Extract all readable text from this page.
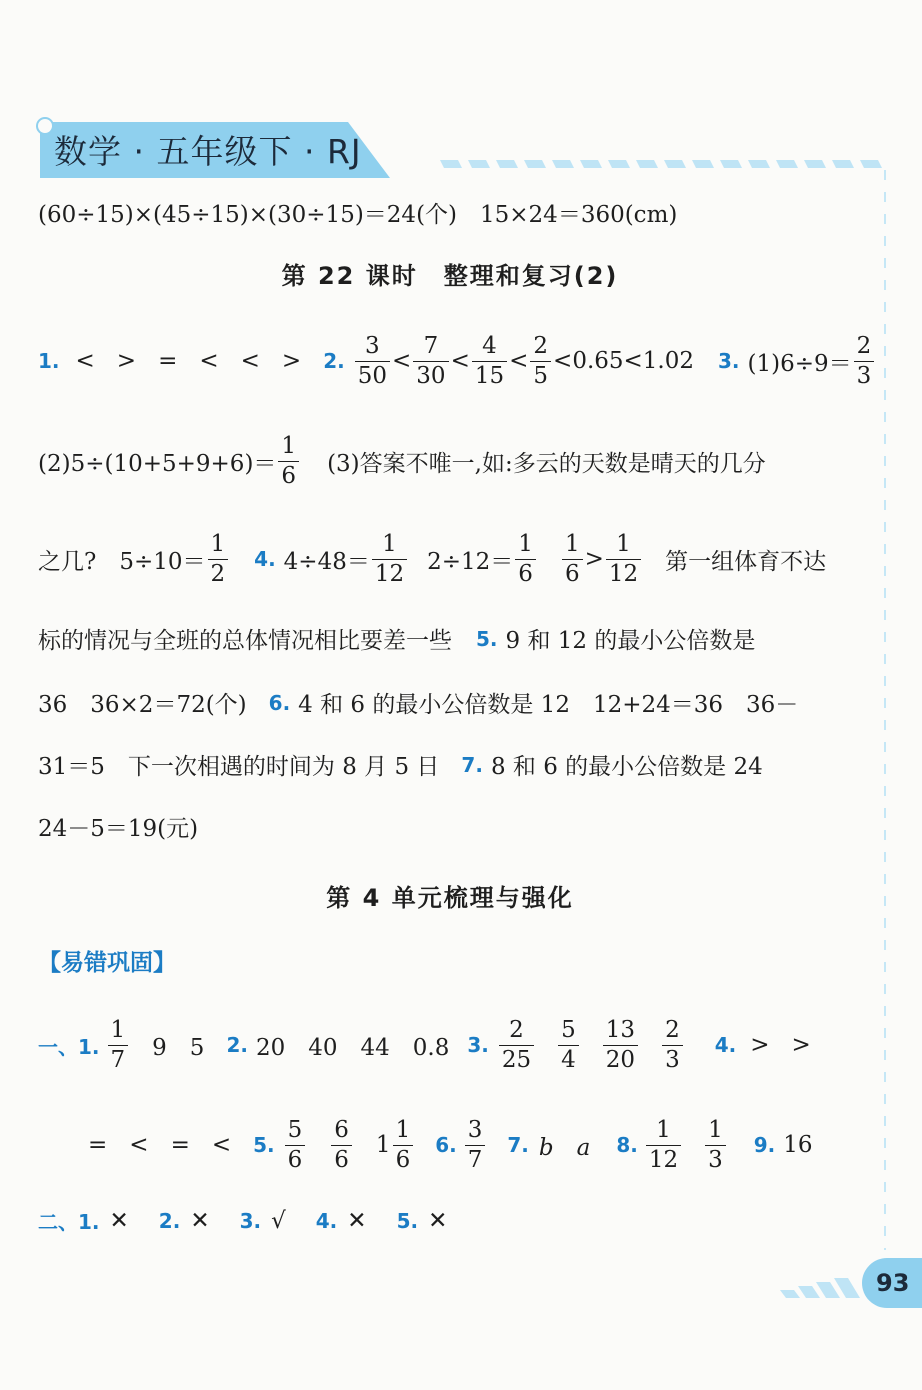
数学 · 五年级下 · RJ
93
(60÷15)×(45÷15)×(30÷15)＝24(个)　15×24＝360(cm)
第 22 课时　整理和复习(2)
1. < > = < < > 2. $\frac{3}{50} < \frac{7}{30} < \frac{4}{15} < \frac{2}{5} <0.65<1.02$ 3. $(1)6\div 9= \frac{2}{3}$
$(2)5\div(10+5+9+6)= \frac{1}{6} (3)$答案不唯一,如:多云的天数是晴天的几分
之几?　$5\div 10= \frac{1}{2} 4$. $4\div 48= \frac{1}{12} 2\div 12= \frac{1}{6} \frac{1}{6} > \frac{1}{12}$ 第一组体育不达
标的情况与全班的总体情况相比要差一些 5. 9 和 12 的最小公倍数是
36　36×2＝72(个) 6. 4 和 6 的最小公倍数是 12　12+24＝36　36－
31＝5　下一次相遇的时间为 8 月 5 日 7. 8 和 6 的最小公倍数是 24
24－5＝19(元)
第 4 单元梳理与强化
【易错巩固】
一、1. $\frac{1}{7} 9$　5 2. 20　40　44　0.8 3. $\frac{2}{25} \frac{5}{4} \frac{13}{20} \frac{2}{3} 4$. > >
= < = < 5. $\frac{5}{6} \frac{6}{6} 1 \frac{1}{6} 6$. $\frac{3}{7} 7$. b　a 8. $\frac{1}{12} \frac{1}{3} 9$. 16
二、1. ✕ 2. ✕ 3. √ 4. ✕ 5. ✕
